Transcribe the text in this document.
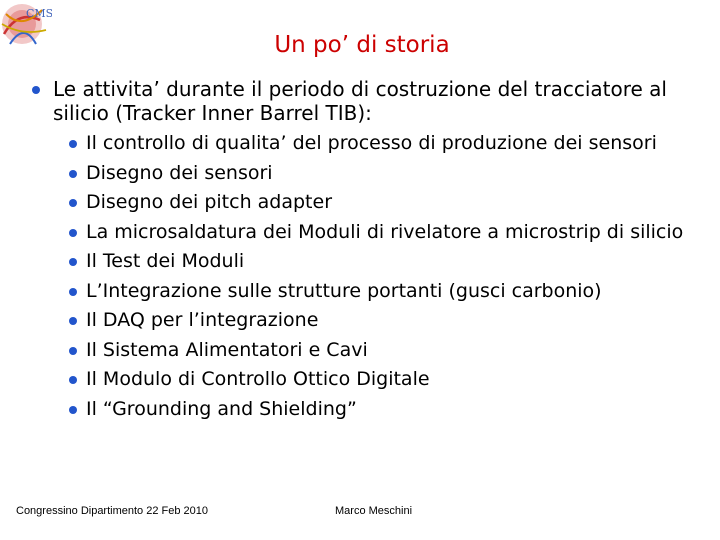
CMS
Un po’ di storia
Le attivita’ durante il periodo di costruzione del tracciatore al silicio (Tracker Inner Barrel TIB):
Il controllo di qualita’ del processo di produzione dei sensori
Disegno dei sensori
Disegno dei pitch adapter
La microsaldatura dei Moduli di rivelatore a microstrip di silicio
Il Test dei Moduli
L’Integrazione sulle strutture portanti (gusci carbonio)
Il DAQ per l’integrazione
Il Sistema Alimentatori e Cavi
Il Modulo di Controllo Ottico Digitale
Il “Grounding and Shielding”
Congressino Dipartimento 22 Feb 2010	Marco Meschini
